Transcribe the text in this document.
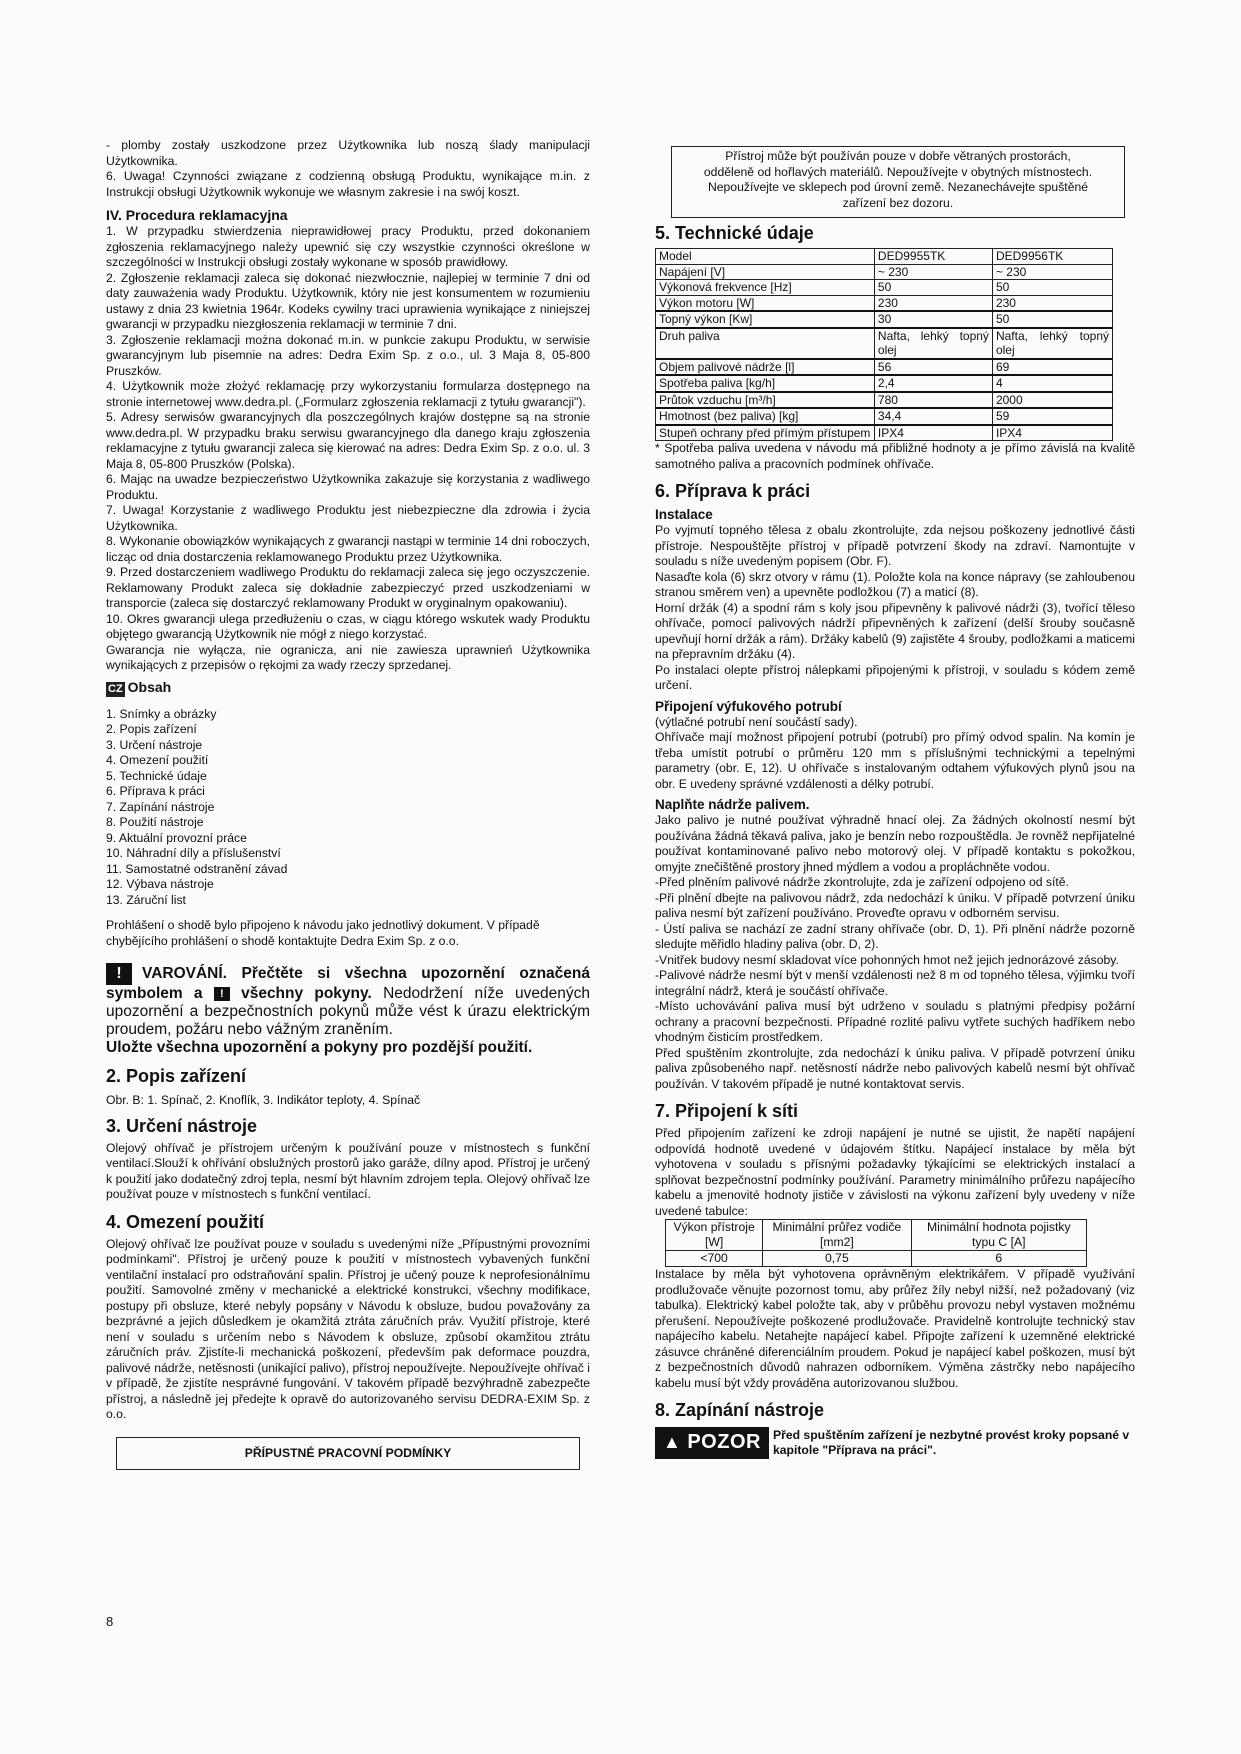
- plomby zostały uszkodzone przez Użytkownika lub noszą ślady manipulacji Użytkownika.

6. Uwaga! Czynności związane z codzienną obsługą Produktu, wynikające m.in. z Instrukcji obsługi Użytkownik wykonuje we własnym zakresie i na swój koszt.

IV. Procedura reklamacyjna

1. W przypadku stwierdzenia nieprawidłowej pracy Produktu, przed dokonaniem zgłoszenia reklamacyjnego należy upewnić się czy wszystkie czynności określone w szczególności w Instrukcji obsługi zostały wykonane w sposób prawidłowy.

2. Zgłoszenie reklamacji zaleca się dokonać niezwłocznie, najlepiej w terminie 7 dni od daty zauważenia wady Produktu. Użytkownik, który nie jest konsumentem w rozumieniu ustawy z dnia 23 kwietnia 1964r. Kodeks cywilny traci uprawienia wynikające z niniejszej gwarancji w przypadku niezgłoszenia reklamacji w terminie 7 dni.

3. Zgłoszenie reklamacji można dokonać m.in. w punkcie zakupu Produktu, w serwisie gwarancyjnym lub pisemnie na adres: Dedra Exim Sp. z o.o., ul. 3 Maja 8, 05-800 Pruszków.

4. Użytkownik może złożyć reklamację przy wykorzystaniu formularza dostępnego na stronie internetowej www.dedra.pl. („Formularz zgłoszenia reklamacji z tytułu gwarancji").

5. Adresy serwisów gwarancyjnych dla poszczególnych krajów dostępne są na stronie www.dedra.pl. W przypadku braku serwisu gwarancyjnego dla danego kraju zgłoszenia reklamacyjne z tytułu gwarancji zaleca się kierować na adres: Dedra Exim Sp. z o.o. ul. 3 Maja 8, 05-800 Pruszków (Polska).

6. Mając na uwadze bezpieczeństwo Użytkownika zakazuje się korzystania z wadliwego Produktu.

7. Uwaga! Korzystanie z wadliwego Produktu jest niebezpieczne dla zdrowia i życia Użytkownika.

8. Wykonanie obowiązków wynikających z gwarancji nastąpi w terminie 14 dni roboczych, licząc od dnia dostarczenia reklamowanego Produktu przez Użytkownika.

9. Przed dostarczeniem wadliwego Produktu do reklamacji zaleca się jego oczyszczenie. Reklamowany Produkt zaleca się dokładnie zabezpieczyć przed uszkodzeniami w transporcie (zaleca się dostarczyć reklamowany Produkt w oryginalnym opakowaniu).

10. Okres gwarancji ulega przedłużeniu o czas, w ciągu którego wskutek wady Produktu objętego gwarancją Użytkownik nie mógł z niego korzystać.

Gwarancja nie wyłącza, nie ogranicza, ani nie zawiesza uprawnień Użytkownika wynikających z przepisów o rękojmi za wady rzeczy sprzedanej.

CZ Obsah
1. Snímky a obrázky
2. Popis zařízení
3. Určení nástroje
4. Omezení použití
5. Technické údaje
6. Příprava k práci
7. Zapínání nástroje
8. Použití nástroje
9. Aktuální provozní práce
10. Náhradní díly a příslušenství
11. Samostatné odstranění závad
12. Výbava nástroje
13. Záruční list

Prohlášení o shodě bylo připojeno k návodu jako jednotlivý dokument. V případě chybějícího prohlášení o shodě kontaktujte Dedra Exim Sp. z o.o.

! VAROVÁNÍ. Přečtěte si všechna upozornění označená symbolem a ! všechny pokyny. Nedodržení níže uvedených upozornění a bezpečnostních pokynů může vést k úrazu elektrickým proudem, požáru nebo vážným zraněním.
Uložte všechna upozornění a pokyny pro pozdější použití.
2. Popis zařízení

Obr. B: 1. Spínač, 2. Knoflík, 3. Indikátor teploty, 4. Spínač

3. Určení nástroje

Olejový ohřívač je přístrojem určeným k používání pouze v místnostech s funkční ventilací.Slouží k ohřívání obslužných prostorů jako garáže, dílny apod. Přístroj je určený k použití jako dodatečný zdroj tepla, nesmí být hlavním zdrojem tepla. Olejový ohřívač lze používat pouze v místnostech s funkční ventilací.

4. Omezení použití

Olejový ohřívač lze používat pouze v souladu s uvedenými níže „Přípustnými provozními podmínkami". Přístroj je určený pouze k použití v místnostech vybavených funkční ventilační instalací pro odstraňování spalin. Přístroj je učený pouze k neprofesionálnímu použití. Samovolné změny v mechanické a elektrické konstrukci, všechny modifikace, postupy při obsluze, které nebyly popsány v Návodu k obsluze, budou považovány za bezprávné a jejich důsledkem je okamžitá ztráta záručních práv. Využití přístroje, které není v souladu s určením nebo s Návodem k obsluze, způsobí okamžitou ztrátu záručních práv. Zjistíte-li mechanická poškození, především pak deformace pouzdra, palivové nádrže, netěsnosti (unikající palivo), přístroj nepoužívejte. Nepoužívejte ohřívač i v případě, že zjistíte nesprávné fungování. V takovém případě bezvýhradně zabezpečte přístroj, a následně jej předejte k opravě do autorizovaného servisu DEDRA-EXIM Sp. z o.o.

PŘÍPUSTNÉ PRACOVNÍ PODMÍNKY
Přístroj může být používán pouze v dobře větraných prostorách, odděleně od hořlavých materiálů. Nepoužívejte v obytných místnostech. Nepoužívejte ve sklepech pod úrovní země. Nezanechávejte spuštěné zařízení bez dozoru.
5. Technické údaje
Model	DED9955TK	DED9956TK
Napájení [V]	~ 230	~ 230
Výkonová frekvence [Hz]	50	50
Výkon motoru [W]	230	230
Topný výkon [Kw]	30	50
Druh paliva	Nafta, lehký topný olej	Nafta, lehký topný olej
Objem palivové nádrže [l]	56	69
Spotřeba paliva [kg/h]	2,4	4
Průtok vzduchu [m³/h]	780	2000
Hmotnost (bez paliva) [kg]	34,4	59
Stupeň ochrany před přímým přístupem	IPX4	IPX4

* Spotřeba paliva uvedena v návodu má přibližné hodnoty a je přímo závislá na kvalitě samotného paliva a pracovních podmínek ohřívače.

6. Příprava k práci
Instalace

Po vyjmutí topného tělesa z obalu zkontrolujte, zda nejsou poškozeny jednotlivé části přístroje. Nespouštějte přístroj v případě potvrzení škody na zdraví. Namontujte v souladu s níže uvedeným popisem (Obr. F).

Nasaďte kola (6) skrz otvory v rámu (1). Položte kola na konce nápravy (se zahloubenou stranou směrem ven) a upevněte podložkou (7) a maticí (8).

Horní držák (4) a spodní rám s koly jsou připevněny k palivové nádrži (3), tvořící těleso ohřívače, pomocí palivových nádrží připevněných k zařízení (delší šrouby současně upevňují horní držák a rám). Držáky kabelů (9) zajistěte 4 šrouby, podložkami a maticemi na přepravním držáku (4).

Po instalaci olepte přístroj nálepkami připojenými k přístroji, v souladu s kódem země určení.

Připojení výfukového potrubí

(výtlačné potrubí není součástí sady).

Ohřívače mají možnost připojení potrubí (potrubí) pro přímý odvod spalin. Na komín je třeba umístit potrubí o průměru 120 mm s příslušnými technickými a tepelnými parametry (obr. E, 12). U ohřívače s instalovaným odtahem výfukových plynů jsou na obr. E uvedeny správné vzdálenosti a délky potrubí.

Naplňte nádrže palivem.

Jako palivo je nutné používat výhradně hnací olej. Za žádných okolností nesmí být používána žádná těkavá paliva, jako je benzín nebo rozpouštědla. Je rovněž nepřijatelné používat kontaminované palivo nebo motorový olej. V případě kontaktu s pokožkou, omyjte znečištěné prostory jhned mýdlem a vodou a propláchněte vodou.

-Před plněním palivové nádrže zkontrolujte, zda je zařízení odpojeno od sítě.

-Při plnění dbejte na palivovou nádrž, zda nedochází k úniku. V případě potvrzení úniku paliva nesmí být zařízení používáno. Proveďte opravu v odborném servisu.

- Ústí paliva se nachází ze zadní strany ohřívače (obr. D, 1). Při plnění nádrže pozorně sledujte měřidlo hladiny paliva (obr. D, 2).

-Vnitřek budovy nesmí skladovat více pohonných hmot než jejich jednorázové zásoby.

-Palivové nádrže nesmí být v menší vzdálenosti než 8 m od topného tělesa, výjimku tvoří integrální nádrž, která je součástí ohřívače.

-Místo uchovávání paliva musí být udrženo v souladu s platnými předpisy požární ochrany a pracovní bezpečnosti. Případné rozlité palivu vytřete suchých hadříkem nebo vhodným čisticím prostředkem.

Před spuštěním zkontrolujte, zda nedochází k úniku paliva. V případě potvrzení úniku paliva způsobeného např. netěsností nádrže nebo palivových kabelů nesmí být ohřívač používán. V takovém případě je nutné kontaktovat servis.

7. Připojení k síti

Před připojením zařízení ke zdroji napájení je nutné se ujistit, že napětí napájení odpovídá hodnotě uvedené v údajovém štítku. Napájecí instalace by měla být vyhotovena v souladu s přísnými požadavky týkajícími se elektrických instalací a splňovat bezpečnostní podmínky používání. Parametry minimálního průřezu napájecího kabelu a jmenovité hodnoty jističe v závislosti na výkonu zařízení byly uvedeny v níže uvedené tabulce:

Výkon přístroje [W]	Minimální průřez vodiče [mm2]	Minimální hodnota pojistky typu C [A]
<700	0,75	6

Instalace by měla být vyhotovena oprávněným elektrikářem. V případě využívání prodlužovače věnujte pozornost tomu, aby průřez žíly nebyl nižší, než požadovaný (viz tabulka). Elektrický kabel položte tak, aby v průběhu provozu nebyl vystaven možnému přerušení. Nepoužívejte poškozené prodlužovače. Pravidelně kontrolujte technický stav napájecího kabelu. Netahejte napájecí kabel. Připojte zařízení k uzemněné elektrické zásuvce chráněné diferenciálním proudem. Pokud je napájecí kabel poškozen, musí být z bezpečnostních důvodů nahrazen odborníkem. Výměna zástrčky nebo napájecího kabelu musí být vždy prováděna autorizovanou službou.

8. Zapínání nástroje
▲ POZOR Před spuštěním zařízení je nezbytné provést kroky popsané v kapitole "Příprava na práci".
8
